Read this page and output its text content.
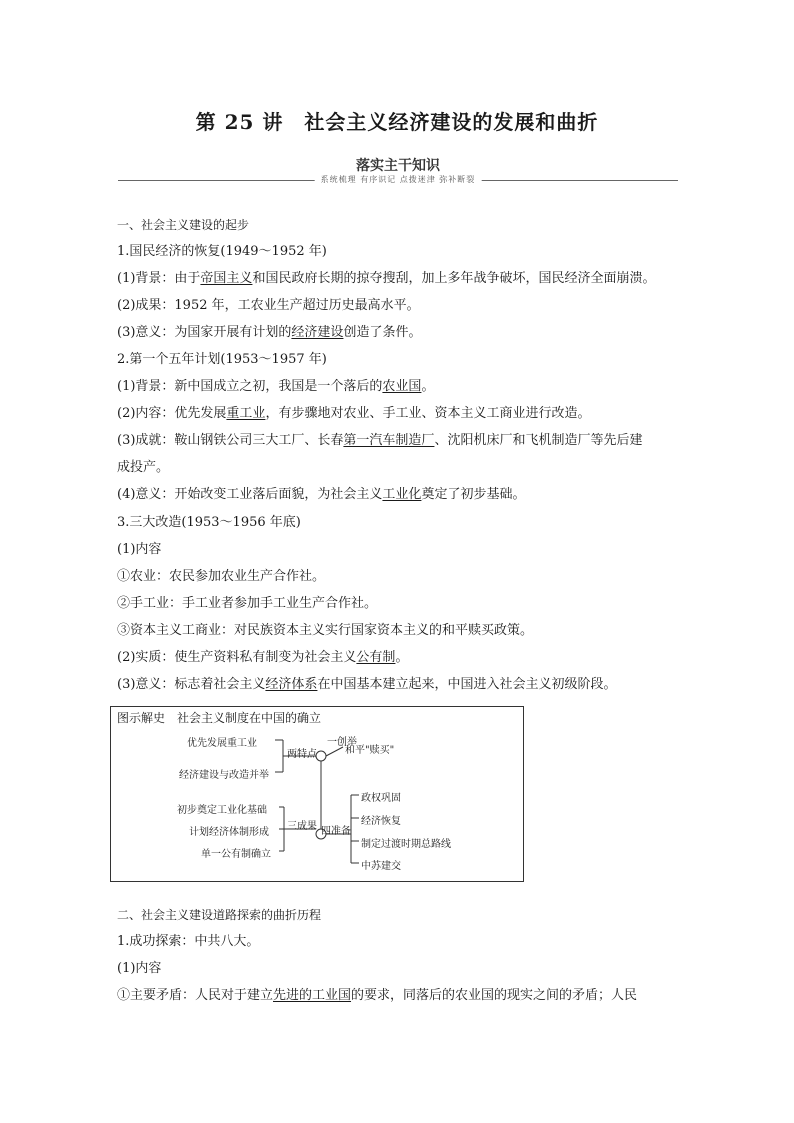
第 25 讲　社会主义经济建设的发展和曲折
落实主干知识
系统梳理 有序识记 点拨迷津 弥补断裂
一、社会主义建设的起步
1.国民经济的恢复(1949～1952 年)
(1)背景：由于帝国主义和国民政府长期的掠夺搜刮，加上多年战争破坏，国民经济全面崩溃。
(2)成果：1952 年，工农业生产超过历史最高水平。
(3)意义：为国家开展有计划的经济建设创造了条件。
2.第一个五年计划(1953～1957 年)
(1)背景：新中国成立之初，我国是一个落后的农业国。
(2)内容：优先发展重工业，有步骤地对农业、手工业、资本主义工商业进行改造。
(3)成就：鞍山钢铁公司三大工厂、长春第一汽车制造厂、沈阳机床厂和飞机制造厂等先后建
成投产。
(4)意义：开始改变工业落后面貌，为社会主义工业化奠定了初步基础。
3.三大改造(1953～1956 年底)
(1)内容
①农业：农民参加农业生产合作社。
②手工业：手工业者参加手工业生产合作社。
③资本主义工商业：对民族资本主义实行国家资本主义的和平赎买政策。
(2)实质：使生产资料私有制变为社会主义公有制。
(3)意义：标志着社会主义经济体系在中国基本建立起来，中国进入社会主义初级阶段。
图示解史　社会主义制度在中国的确立
优先发展重工业
经济建设与改造并举
两特点
一创举
和平"赎买"
初步奠定工业化基础
计划经济体制形成
单一公有制确立
三成果 四准备
政权巩固
经济恢复
制定过渡时期总路线
中苏建交
二、社会主义建设道路探索的曲折历程
1.成功探索：中共八大。
(1)内容
①主要矛盾：人民对于建立先进的工业国的要求，同落后的农业国的现实之间的矛盾；人民
